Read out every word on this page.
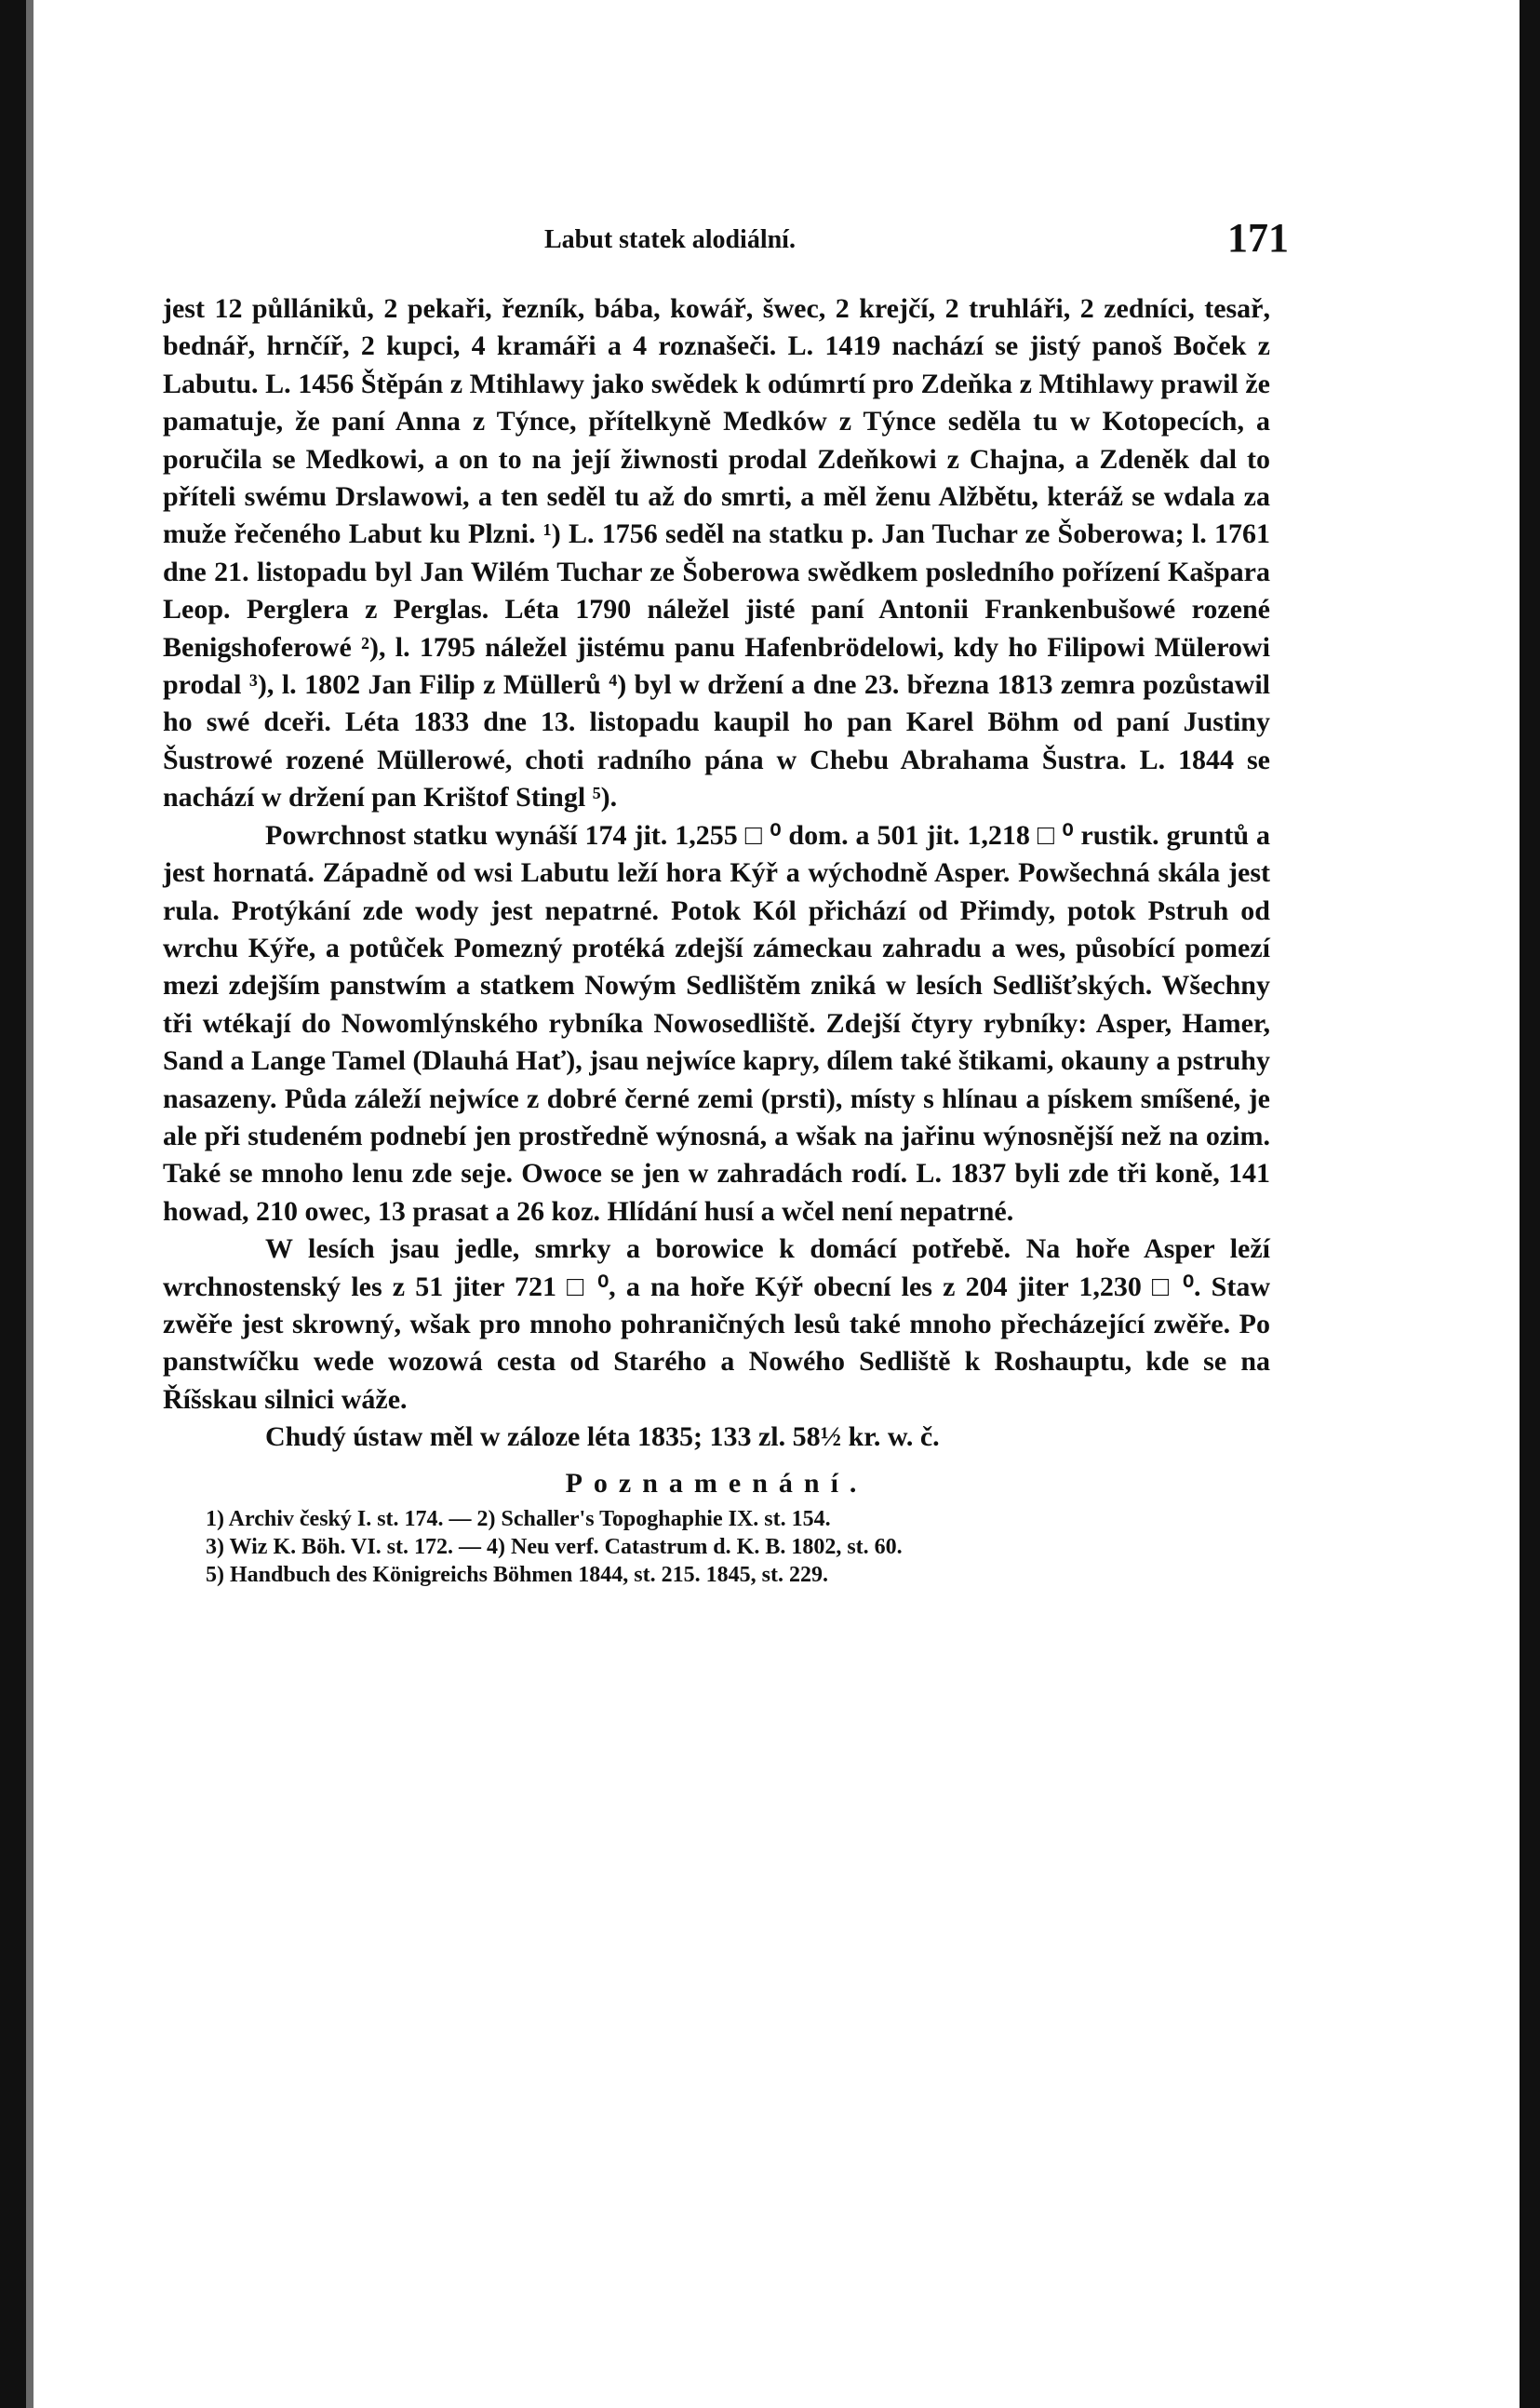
Labut statek alodiální.	171

jest 12 půllániků, 2 pekaři, řezník, bába, kowář, šwec, 2 krejčí, 2 truhláři, 2 zedníci, tesař, bednář, hrnčíř, 2 kupci, 4 kramáři a 4 roznašeči. L. 1419 nachází se jistý panoš Boček z Labutu. L. 1456 Štěpán z Mtihlawy jako swědek k odúmrtí pro Zdeňka z Mtihlawy prawil že pamatuje, že paní Anna z Týnce, přítelkyně Medków z Týnce seděla tu w Kotopecích, a poručila se Medkowi, a on to na její žiwnosti prodal Zdeňkowi z Chajna, a Zdeněk dal to příteli swému Drslawowi, a ten seděl tu až do smrti, a měl ženu Alžbětu, kteráž se wdala za muže řečeného Labut ku Plzni. ¹) L. 1756 seděl na statku p. Jan Tuchar ze Šoberowa; l. 1761 dne 21. listopadu byl Jan Wilém Tuchar ze Šoberowa swědkem posledního pořízení Kašpara Leop. Perglera z Perglas. Léta 1790 náležel jisté paní Antonii Frankenbušowé rozené Benigshoferowé ²), l. 1795 náležel jistému panu Hafenbrödelowi, kdy ho Filipowi Mülerowi prodal ³), l. 1802 Jan Filip z Müllerů ⁴) byl w držení a dne 23. března 1813 zemra pozůstawil ho swé dceři. Léta 1833 dne 13. listopadu kaupil ho pan Karel Böhm od paní Justiny Šustrowé rozené Müllerowé, choti radního pána w Chebu Abrahama Šustra. L. 1844 se nachází w držení pan Krištof Stingl ⁵).

Powrchnost statku wynáší 174 jit. 1,255 □ ⁰ dom. a 501 jit. 1,218 □ ⁰ rustik. gruntů a jest hornatá. Západně od wsi Labutu leží hora Kýř a wýchodně Asper. Powšechná skála jest rula. Protýkání zde wody jest nepatrné. Potok Kól přichází od Přimdy, potok Pstruh od wrchu Kýře, a potůček Pomezný protéká zdejší zámeckau zahradu a wes, působící pomezí mezi zdejším panstwím a statkem Nowým Sedlištěm zniká w lesích Sedlišťských. Wšechny tři wtékají do Nowomlýnského rybníka Nowosedliště. Zdejší čtyry rybníky: Asper, Hamer, Sand a Lange Tamel (Dlauhá Hať), jsau nejwíce kapry, dílem také štikami, okauny a pstruhy nasazeny. Půda záleží nejwíce z dobré černé zemi (prsti), místy s hlínau a pískem smíšené, je ale při studeném podnebí jen prostředně wýnosná, a wšak na jařinu wýnosnější než na ozim. Také se mnoho lenu zde seje. Owoce se jen w zahradách rodí. L. 1837 byli zde tři koně, 141 howad, 210 owec, 13 prasat a 26 koz. Hlídání husí a wčel není nepatrné.

W lesích jsau jedle, smrky a borowice k domácí potřebě. Na hoře Asper leží wrchnostenský les z 51 jiter 721 □ ⁰, a na hoře Kýř obecní les z 204 jiter 1,230 □ ⁰. Staw zwěře jest skrowný, wšak pro mnoho pohraničných lesů také mnoho přecházející zwěře. Po panstwíčku wede wozowá cesta od Starého a Nowého Sedliště k Roshauptu, kde se na Říšskau silnici wáže.

Chudý ústaw měl w záloze léta 1835; 133 zl. 58½ kr. w. č.

Poznamenání.
1) Archiv český I. st. 174. — 2) Schaller's Topoghaphie IX. st. 154.
3) Wiz K. Böh. VI. st. 172. — 4) Neu verf. Catastrum d. K. B. 1802, st. 60.
5) Handbuch des Königreichs Böhmen 1844, st. 215. 1845, st. 229.
